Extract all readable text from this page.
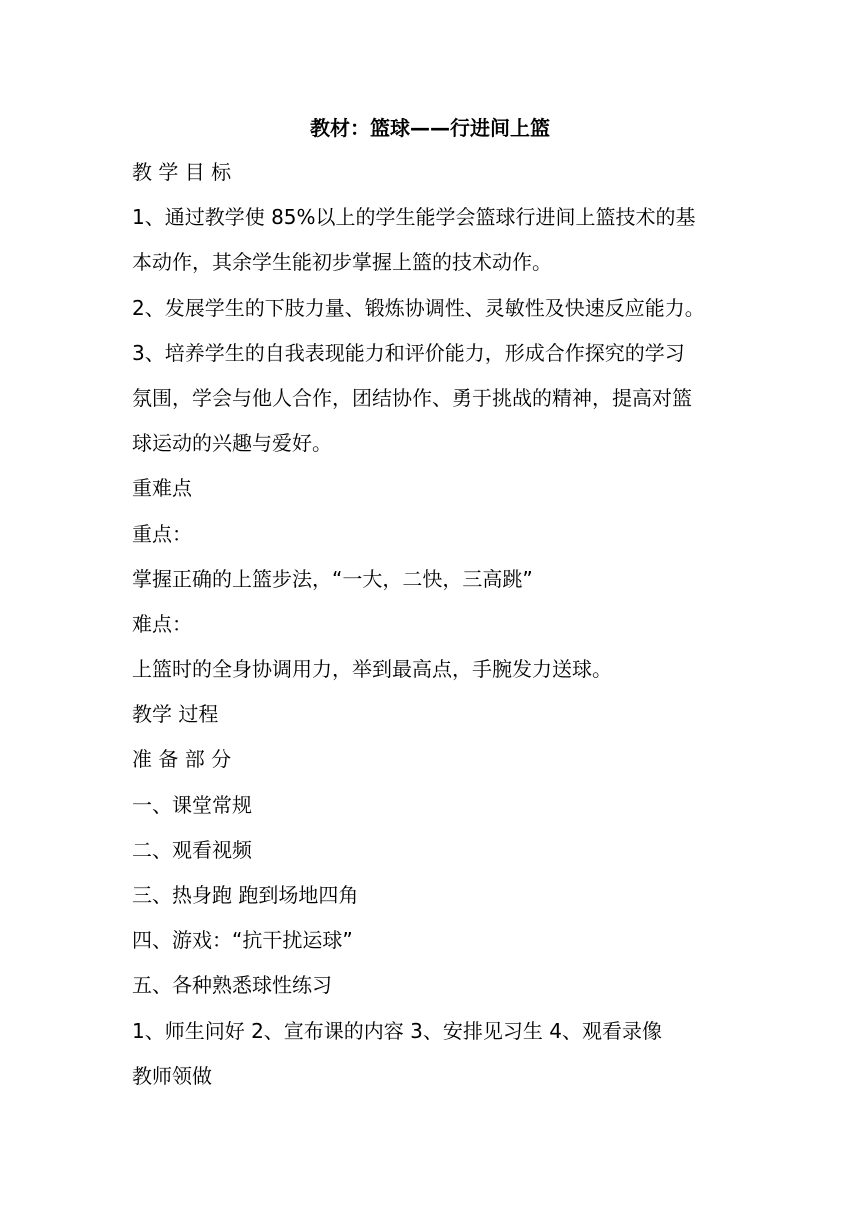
教材：篮球——行进间上篮
教 学 目 标
1、通过教学使 85%以上的学生能学会篮球行进间上篮技术的基
本动作，其余学生能初步掌握上篮的技术动作。
2、发展学生的下肢力量、锻炼协调性、灵敏性及快速反应能力。
3、培养学生的自我表现能力和评价能力，形成合作探究的学习
氛围，学会与他人合作，团结协作、勇于挑战的精神，提高对篮
球运动的兴趣与爱好。
重难点
重点：
掌握正确的上篮步法，“一大，二快，三高跳”
难点：
上篮时的全身协调用力，举到最高点，手腕发力送球。
教学 过程
准 备 部 分
一、课堂常规
二、观看视频
三、热身跑 跑到场地四角
四、游戏：“抗干扰运球”
五、各种熟悉球性练习
1、师生问好 2、宣布课的内容 3、安排见习生 4、观看录像
教师领做
